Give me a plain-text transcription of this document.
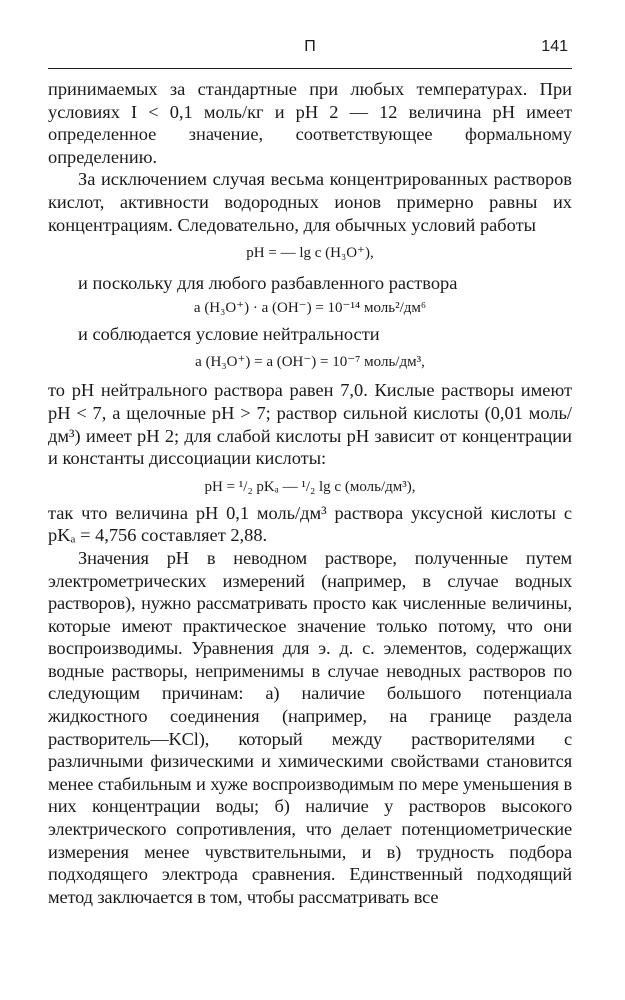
П	141

принимаемых за стандартные при любых температурах. При условиях I < 0,1 моль/кг и pH 2 — 12 величина pH имеет определенное значение, соответствующее формальному определению.

За исключением случая весьма концентрированных растворов кислот, активности водородных ионов примерно равны их концентрациям. Следовательно, для обычных условий работы

pH = — lg c (H₃O⁺),

и поскольку для любого разбавленного раствора

a (H₃O⁺) · a (OH⁻) = 10⁻¹⁴ моль²/дм⁶

и соблюдается условие нейтральности

a (H₃O⁺) = a (OH⁻) = 10⁻⁷ моль/дм³,

то pH нейтрального раствора равен 7,0. Кислые растворы имеют pH < 7, а щелочные pH > 7; раствор сильной кислоты (0,01 моль/дм³) имеет pH 2; для слабой кислоты pH зависит от концентрации и константы диссоциации кислоты:

pH = ¹/₂ pKₐ — ¹/₂ lg c (моль/дм³),

так что величина pH 0,1 моль/дм³ раствора уксусной кислоты с pKₐ = 4,756 составляет 2,88.

Значения pH в неводном растворе, полученные путем электрометрических измерений (например, в случае водных растворов), нужно рассматривать просто как численные величины, которые имеют практическое значение только потому, что они воспроизводимы. Уравнения для э. д. с. элементов, содержащих водные растворы, неприменимы в случае неводных растворов по следующим причинам: а) наличие большого потенциала жидкостного соединения (например, на границе раздела растворитель—KCl), который между растворителями с различными физическими и химическими свойствами становится менее стабильным и хуже воспроизводимым по мере уменьшения в них концентрации воды; б) наличие у растворов высокого электрического сопротивления, что делает потенциометрические измерения менее чувствительными, и в) трудность подбора подходящего электрода сравнения. Единственный подходящий метод заключается в том, чтобы рассматривать все
